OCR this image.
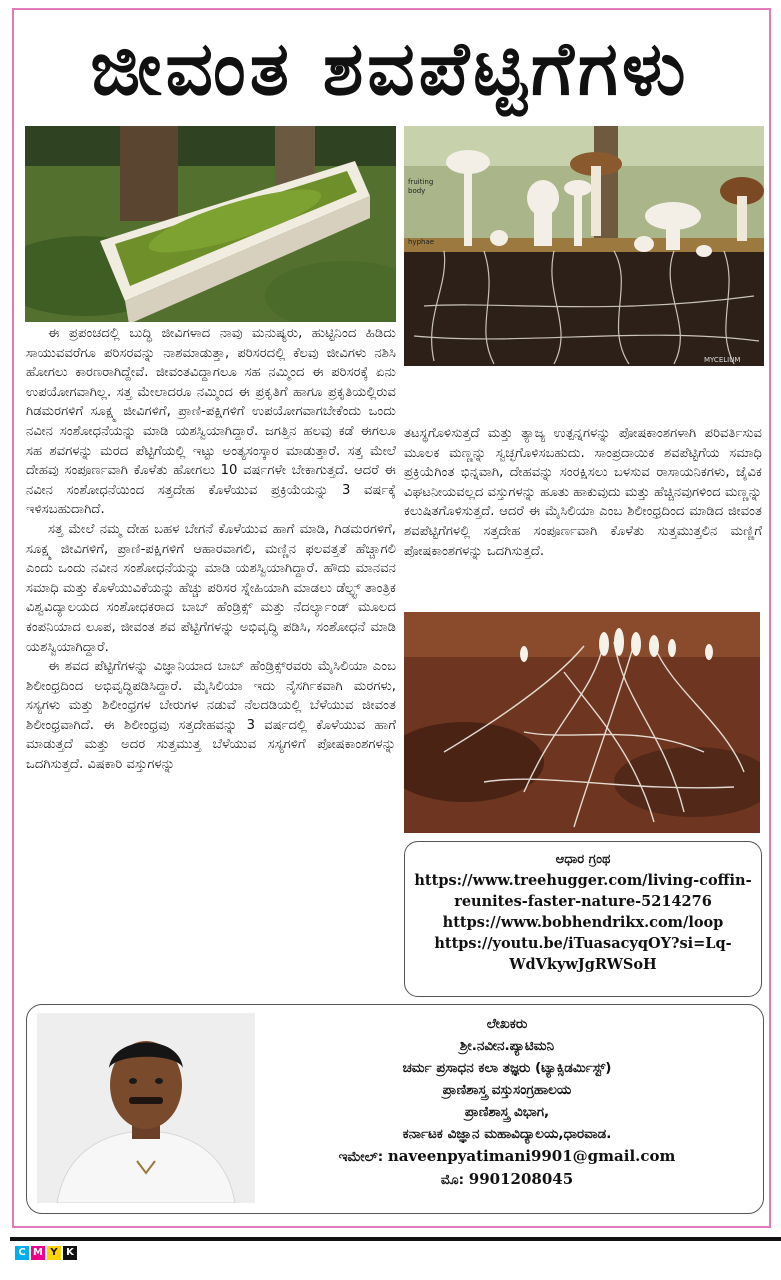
ಜೀವಂತ ಶವಪೆಟ್ಟಿಗೆಗಳು
fruiting
body
hyphae
MYCELIUM

ಈ ಪ್ರಪಂಚದಲ್ಲಿ ಬುದ್ಧಿ ಜೀವಿಗಳಾದ ನಾವು ಮನುಷ್ಯರು, ಹುಟ್ಟಿನಿಂದ ಹಿಡಿದು ಸಾಯುವವರೆಗೂ ಪರಿಸರವನ್ನು ನಾಶಮಾಡುತ್ತಾ, ಪರಿಸರದಲ್ಲಿ ಕೆಲವು ಜೀವಿಗಳು ನಶಿಸಿ ಹೋಗಲು ಕಾರಣರಾಗಿದ್ದೇವೆ. ಜೀವಂತವಿದ್ದಾಗಲೂ ಸಹ ನಮ್ಮಿಂದ ಈ ಪರಿಸರಕ್ಕೆ ಏನು ಉಪಯೋಗವಾಗಿಲ್ಲ. ಸತ್ತ ಮೇಲಾದರೂ ನಮ್ಮಿಂದ ಈ ಪ್ರಕೃತಿಗೆ ಹಾಗೂ ಪ್ರಕೃತಿಯಲ್ಲಿರುವ ಗಿಡಮರಗಳಿಗೆ ಸೂಕ್ಷ್ಮ ಜೀವಿಗಳಿಗೆ, ಪ್ರಾಣಿ-ಪಕ್ಷಿಗಳಿಗೆ ಉಪಯೋಗವಾಗಬೇಕೆಂದು ಒಂದು ನವೀನ ಸಂಶೋಧನೆಯನ್ನು ಮಾಡಿ ಯಶಸ್ವಿಯಾಗಿದ್ದಾರೆ. ಜಗತ್ತಿನ ಹಲವು ಕಡೆ ಈಗಲೂ ಸಹ ಶವಗಳನ್ನು ಮರದ ಪೆಟ್ಟಿಗೆಯಲ್ಲಿ ಇಟ್ಟು ಅಂತ್ಯಸಂಸ್ಕಾರ ಮಾಡುತ್ತಾರೆ. ಸತ್ತ ಮೇಲೆ ದೇಹವು ಸಂಪೂರ್ಣವಾಗಿ ಕೊಳೆತು ಹೋಗಲು 10 ವರ್ಷಗಳೇ ಬೇಕಾಗುತ್ತದೆ. ಆದರೆ ಈ ನವೀನ ಸಂಶೋಧನೆಯಿಂದ ಸತ್ತದೇಹ ಕೊಳೆಯುವ ಪ್ರಕ್ರಿಯೆಯನ್ನು 3 ವರ್ಷಕ್ಕೆ ಇಳಿಸಬಹುದಾಗಿದೆ.

ಸತ್ತ ಮೇಲೆ ನಮ್ಮ ದೇಹ ಬಹಳ ಬೇಗನೆ ಕೊಳೆಯುವ ಹಾಗೆ ಮಾಡಿ, ಗಿಡಮರಗಳಿಗೆ, ಸೂಕ್ಷ್ಮ ಜೀವಿಗಳಿಗೆ, ಪ್ರಾಣಿ-ಪಕ್ಷಿಗಳಿಗೆ ಆಹಾರವಾಗಲಿ, ಮಣ್ಣಿನ ಫಲವತ್ತತೆ ಹೆಚ್ಚಾಗಲಿ ಎಂದು ಒಂದು ನವೀನ ಸಂಶೋಧನೆಯನ್ನು ಮಾಡಿ ಯಶಸ್ವಿಯಾಗಿದ್ದಾರೆ. ಹೌದು ಮಾನವನ ಸಮಾಧಿ ಮತ್ತು ಕೊಳೆಯುವಿಕೆಯನ್ನು ಹೆಚ್ಚು ಪರಿಸರ ಸ್ನೇಹಿಯಾಗಿ ಮಾಡಲು ಡೆಲ್ಫ್ಟ್ ತಾಂತ್ರಿಕ ವಿಶ್ವವಿದ್ಯಾಲಯದ ಸಂಶೋಧಕರಾದ ಬಾಬ್ ಹೆಂಡ್ರಿಕ್ಸ್ ಮತ್ತು ನೆದರ್ಲ್ಯಾಂಡ್ ಮೂಲದ ಕಂಪನಿಯಾದ ಲೂಪ, ಜೀವಂತ ಶವ ಪೆಟ್ಟಿಗೆಗಳನ್ನು ಅಭಿವೃದ್ಧಿ ಪಡಿಸಿ, ಸಂಶೋಧನೆ ಮಾಡಿ ಯಶಸ್ವಿಯಾಗಿದ್ದಾರೆ.

ಈ ಶವದ ಪೆಟ್ಟಿಗೆಗಳನ್ನು ವಿಜ್ಞಾನಿಯಾದ ಬಾಬ್ ಹೆಂಡ್ರಿಕ್ಸ್‌ರವರು ಮೈಸಿಲಿಯಾ ಎಂಬ ಶಿಲೀಂಧ್ರದಿಂದ ಅಭಿವೃದ್ಧಿಪಡಿಸಿದ್ದಾರೆ. ಮೈಸಿಲಿಯಾ ಇದು ನೈಸರ್ಗಿಕವಾಗಿ ಮರಗಳು, ಸಸ್ಯಗಳು ಮತ್ತು ಶಿಲೀಂಧ್ರಗಳ ಬೇರುಗಳ ನಡುವೆ ನೆಲದಡಿಯಲ್ಲಿ ಬೆಳೆಯುವ ಜೀವಂತ ಶಿಲೀಂಧ್ರವಾಗಿದೆ. ಈ ಶಿಲೀಂಧ್ರವು ಸತ್ತದೇಹವನ್ನು 3 ವರ್ಷದಲ್ಲಿ ಕೊಳೆಯುವ ಹಾಗೆ ಮಾಡುತ್ತದೆ ಮತ್ತು ಅದರ ಸುತ್ತಮುತ್ತ ಬೆಳೆಯುವ ಸಸ್ಯಗಳಿಗೆ ಪೋಷಕಾಂಶಗಳನ್ನು ಒದಗಿಸುತ್ತದೆ. ವಿಷಕಾರಿ ವಸ್ತುಗಳನ್ನು

ತಟಸ್ಥಗೊಳಿಸುತ್ತದೆ ಮತ್ತು ತ್ಯಾಜ್ಯ ಉತ್ಪನ್ನಗಳನ್ನು ಪೋಷಕಾಂಶಗಳಾಗಿ ಪರಿವರ್ತಿಸುವ ಮೂಲಕ ಮಣ್ಣನ್ನು ಸ್ವಚ್ಛಗೊಳಿಸಬಹುದು. ಸಾಂಪ್ರದಾಯಿಕ ಶವಪೆಟ್ಟಿಗೆಯ ಸಮಾಧಿ ಪ್ರಕ್ರಿಯೆಗಿಂತ ಭಿನ್ನವಾಗಿ, ದೇಹವನ್ನು ಸಂರಕ್ಷಿಸಲು ಬಳಸುವ ರಾಸಾಯನಿಕಗಳು, ಜೈವಿಕ ವಿಘಟನೀಯವಲ್ಲದ ವಸ್ತುಗಳನ್ನು ಹೂತು ಹಾಕುವುದು ಮತ್ತು ಹೆಚ್ಚಿನವುಗಳಿಂದ ಮಣ್ಣನ್ನು ಕಲುಷಿತಗೊಳಿಸುತ್ತದೆ. ಆದರೆ ಈ ಮೈಸಿಲಿಯಾ ಎಂಬ ಶಿಲೀಂಧ್ರದಿಂದ ಮಾಡಿದ ಜೀವಂತ ಶವಪೆಟ್ಟಿಗೆಗಳಲ್ಲಿ ಸತ್ತದೇಹ ಸಂಪೂರ್ಣವಾಗಿ ಕೊಳೆತು ಸುತ್ತಮುತ್ತಲಿನ ಮಣ್ಣಿಗೆ ಪೋಷಕಾಂಶಗಳನ್ನು ಒದಗಿಸುತ್ತದೆ.

ಆಧಾರ ಗ್ರಂಥ
https://www.treehugger.com/living-coffin-
reunites-faster-nature-5214276
https://www.bobhendrikx.com/loop
https://youtu.be/iTuasacyqOY?si=Lq-
WdVkywJgRWSoH
ಲೇಖಕರು
ಶ್ರೀ.ನವೀನ.ಪ್ಯಾಟಿಮನಿ
ಚರ್ಮ ಪ್ರಸಾಧನ ಕಲಾ ತಜ್ಞರು (ಟ್ಯಾಕ್ಸಿಡರ್ಮಿಸ್ಟ್)
ಪ್ರಾಣಿಶಾಸ್ತ್ರ ವಸ್ತುಸಂಗ್ರಹಾಲಯ
ಪ್ರಾಣಿಶಾಸ್ತ್ರ ವಿಭಾಗ,
ಕರ್ನಾಟಕ ವಿಜ್ಞಾನ ಮಹಾವಿದ್ಯಾಲಯ,ಧಾರವಾಡ.
ಇಮೇಲ್: naveenpyatimani9901@gmail.com
ಮೊ: 9901208045
C M Y K
